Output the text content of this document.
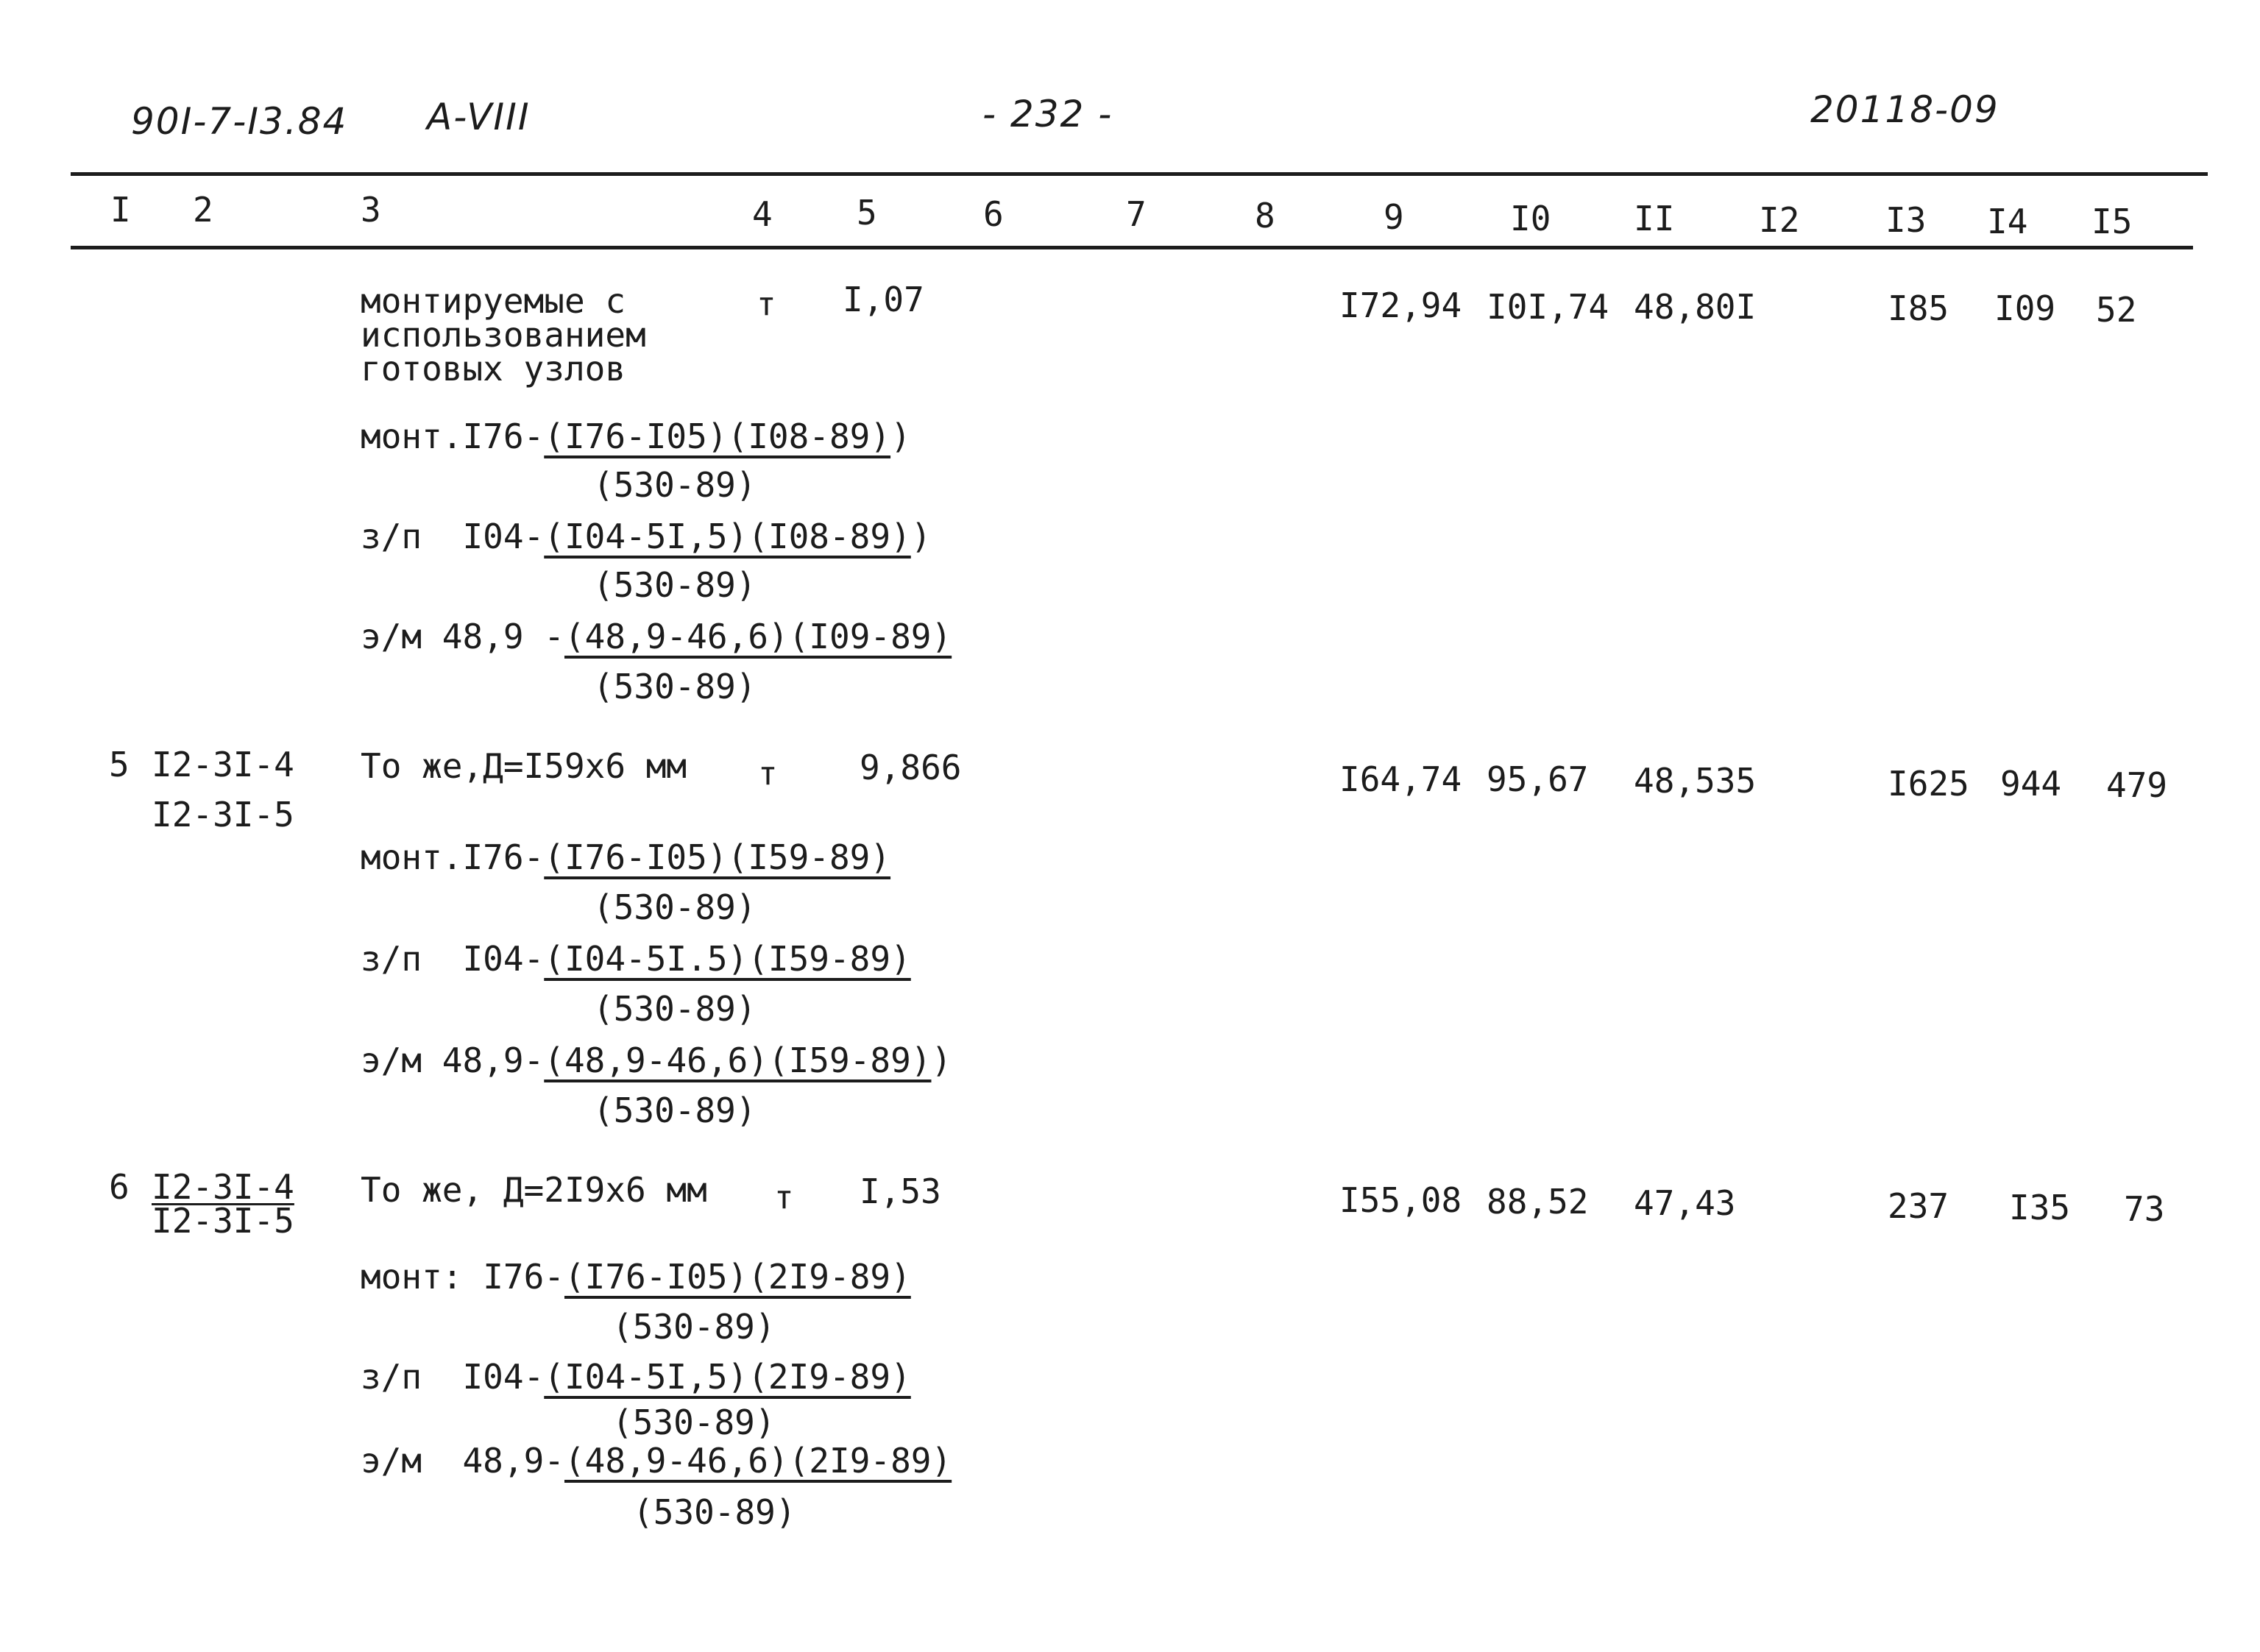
90I-7-I3.84 A-VIII	- 232 -	20118-09
I 2	3	4 5	6	7	8	9	I0 II I2	I3 I4 I5
монтируемые с
использованием
готовых узлов
т I,07	I72,94 I0I,74 48,80I	I85 I09 52
монт.I76-(I76-I05)(I08-89))
(530-89)
з/п I04-(I04-5I,5)(I08-89))
(530-89)
э/м 48,9 -(48,9-46,6)(I09-89)
(530-89)
5 I2-3I-4
I2-3I-5
То же,Д=I59x6 мм т 9,866	I64,74 95,67 48,535	I625 944 479
монт.I76-(I76-I05)(I59-89)
(530-89)
з/п I04-(I04-5I.5)(I59-89)
(530-89)
э/м 48,9-(48,9-46,6)(I59-89))
(530-89)
6 I2-3I-4
I2-3I-5
То же, Д=2I9x6 мм т I,53	I55,08 88,52 47,43	237 I35 73
монт: I76-(I76-I05)(2I9-89)
(530-89)
з/п I04-(I04-5I,5)(2I9-89)
(530-89)
э/м 48,9-(48,9-46,6)(2I9-89)
(530-89)
